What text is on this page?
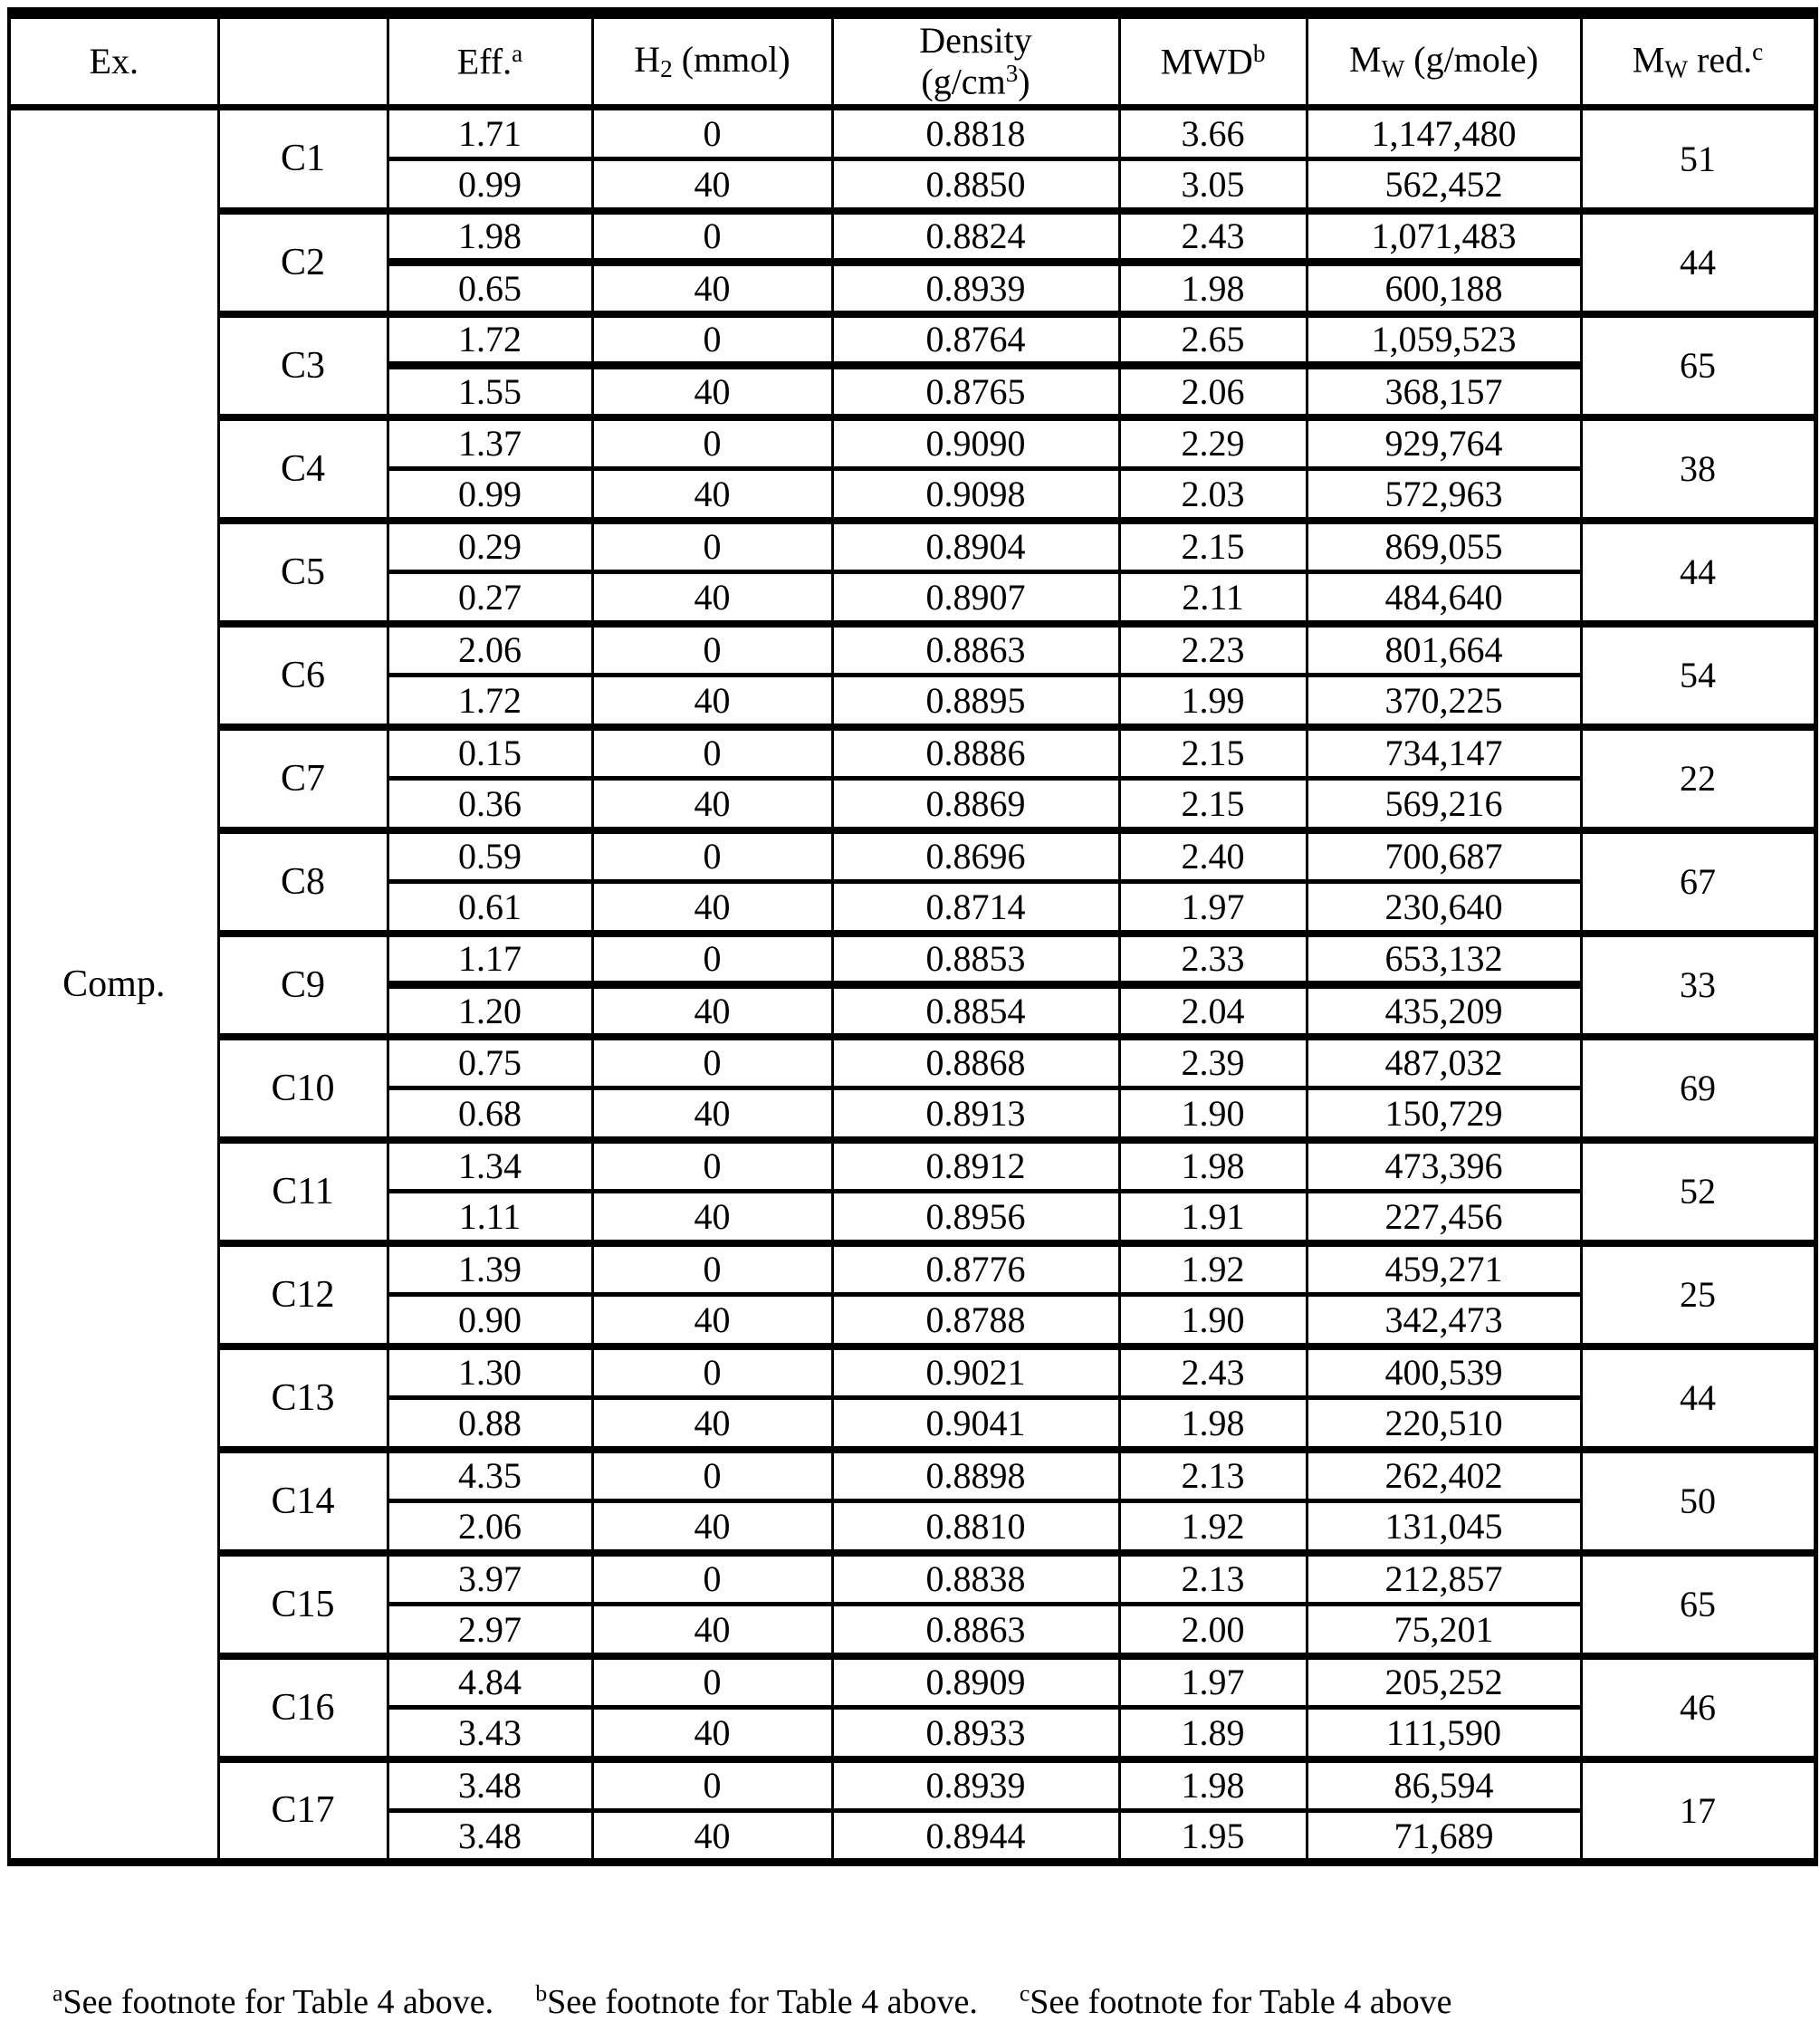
Ex.		Eff.$^a$	$H_2$ (mmol)	Density
$(g/cm^3)$	MWD$^b$	$M_W$ (g/mole)	$M_W$ red.$^c$
Comp.	C1	1.71	0	0.8818	3.66	1,147,480	51
		0.99	40	0.8850	3.05	562,452	
	C2	1.98	0	0.8824	2.43	1,071,483	44
		0.65	40	0.8939	1.98	600,188	
	C3	1.72	0	0.8764	2.65	1,059,523	65
		1.55	40	0.8765	2.06	368,157	
	C4	1.37	0	0.9090	2.29	929,764	38
		0.99	40	0.9098	2.03	572,963	
	C5	0.29	0	0.8904	2.15	869,055	44
		0.27	40	0.8907	2.11	484,640	
	C6	2.06	0	0.8863	2.23	801,664	54
		1.72	40	0.8895	1.99	370,225	
	C7	0.15	0	0.8886	2.15	734,147	22
		0.36	40	0.8869	2.15	569,216	
	C8	0.59	0	0.8696	2.40	700,687	67
		0.61	40	0.8714	1.97	230,640	
	C9	1.17	0	0.8853	2.33	653,132	33
		1.20	40	0.8854	2.04	435,209	
	C10	0.75	0	0.8868	2.39	487,032	69
		0.68	40	0.8913	1.90	150,729	
	C11	1.34	0	0.8912	1.98	473,396	52
		1.11	40	0.8956	1.91	227,456	
	C12	1.39	0	0.8776	1.92	459,271	25
		0.90	40	0.8788	1.90	342,473	
	C13	1.30	0	0.9021	2.43	400,539	44
		0.88	40	0.9041	1.98	220,510	
	C14	4.35	0	0.8898	2.13	262,402	50
		2.06	40	0.8810	1.92	131,045	
	C15	3.97	0	0.8838	2.13	212,857	65
		2.97	40	0.8863	2.00	75,201	
	C16	4.84	0	0.8909	1.97	205,252	46
		3.43	40	0.8933	1.89	111,590	
	C17	3.48	0	0.8939	1.98	86,594	17
		3.48	40	0.8944	1.95	71,689	
$^a$See footnote for Table 4 above. $^b$See footnote for Table 4 above. $^c$See footnote for Table 4 above
